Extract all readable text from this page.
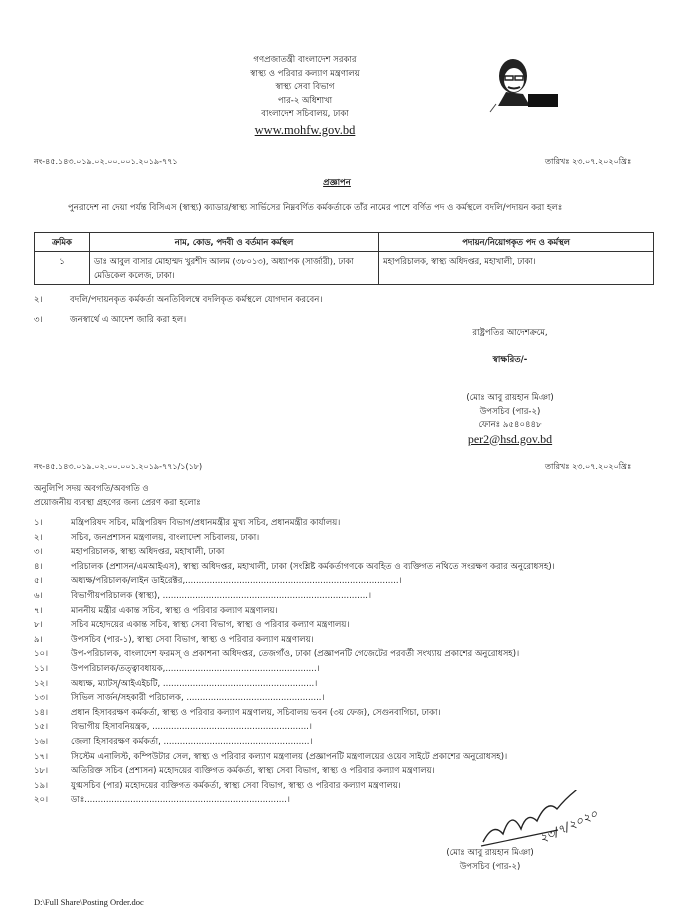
গণপ্রজাতন্ত্রী বাংলাদেশ সরকার
স্বাস্থ্য ও পরিবার কল্যাণ মন্ত্রণালয়
স্বাস্থ্য সেবা বিভাগ
পার-২ অধিশাখা
বাংলাদেশ সচিবালয়, ঢাকা
www.mohfw.gov.bd
নং-৪৫.১৪৩.০১৯.০২.০০.০০১.২০১৯-৭৭১	তারিখঃ ২৩.০৭.২০২০খ্রিঃ
প্রজ্ঞাপন
পুনরাদেশ না দেয়া পর্যন্ত বিসিএস (স্বাস্থ্য) ক্যাডার/স্বাস্থ্য সার্ভিসের নিম্নবর্ণিত কর্মকর্তাকে তাঁর নামের পাশে বর্ণিত পদ ও কর্মস্থলে বদলি/পদায়ন করা হলঃ
ক্রমিক	নাম, কোড, পদবী ও বর্তমান কর্মস্থল	পদায়ন/নিয়োগকৃত পদ ও কর্মস্থল
১	ডাঃ আবুল বাসার মোহাম্মদ খুরশীদ আলম (৩৮০১৩), অধ্যাপক (সার্জারী), ঢাকা মেডিকেল কলেজ, ঢাকা।	মহাপরিচালক, স্বাস্থ্য অধিদপ্তর, মহাখালী, ঢাকা।
২।	বদলি/পদায়নকৃত কর্মকর্তা অনতিবিলম্বে বদলিকৃত কর্মস্থলে যোগদান করবেন।
৩।	জনস্বার্থে এ আদেশ জারি করা হল।
রাষ্ট্রপতির আদেশক্রমে,
স্বাক্ষরিত/-
(মোঃ আবু রায়হান মিঞা)
উপসচিব (পার-২)
ফোনঃ ৯৫৪০৪৪৮
per2@hsd.gov.bd
নং-৪৫.১৪৩.০১৯.০২.০০.০০১.২০১৯-৭৭১/১(১৮)	তারিখঃ ২৩.০৭.২০২০খ্রিঃ
অনুলিপি সদয় অবগতি/অবগতি ও
প্রয়োজনীয় ব্যবস্থা গ্রহণের জন্য প্রেরণ করা হলোঃ
১।	মন্ত্রিপরিষদ সচিব, মন্ত্রিপরিষদ বিভাগ/প্রধানমন্ত্রীর মুখ্য সচিব, প্রধানমন্ত্রীর কার্যালয়।
২।	সচিব, জনপ্রশাসন মন্ত্রণালয়, বাংলাদেশ সচিবালয়, ঢাকা।
৩।	মহাপরিচালক, স্বাস্থ্য অধিদপ্তর, মহাখালী, ঢাকা
৪।	পরিচালক (প্রশাসন/এমআইএস), স্বাস্থ্য অধিদপ্তর, মহাখালী, ঢাকা (সংশ্লিষ্ট কর্মকর্তাগণকে অবহিত ও ব্যক্তিগত নথিতে সংরক্ষণ করার অনুরোধসহ)।
৫।	অধ্যক্ষ/পরিচালক/লাইন ডাইরেক্টর,...............................................................................।
৬।	বিভাগীয়পরিচালক (স্বাস্থ্য), ............................................................................।
৭।	মাননীয় মন্ত্রীর একান্ত সচিব, স্বাস্থ্য ও পরিবার কল্যাণ মন্ত্রণালয়।
৮।	সচিব মহোদয়ের একান্ত সচিব, স্বাস্থ্য সেবা বিভাগ, স্বাস্থ্য ও পরিবার কল্যাণ মন্ত্রণালয়।
৯।	উপসচিব (পার-১), স্বাস্থ্য সেবা বিভাগ, স্বাস্থ্য ও পরিবার কল্যাণ মন্ত্রণালয়।
১০।	উপ-পরিচালক, বাংলাদেশ ফরমস্ ও প্রকাশনা অধিদপ্তর, তেজগাঁও, ঢাকা (প্রজ্ঞাপনটি গেজেটের পরবর্তী সংখ্যায় প্রকাশের অনুরোধসহ)।
১১।	উপপরিচালক/তত্ত্বাবধায়ক,........................................................।
১২।	অধ্যক্ষ, ম্যাটস্/আইএইচটি, ........................................................।
১৩।	সিভিল সার্জন/সহকারী পরিচালক, ..................................................।
১৪।	প্রধান হিসাবরক্ষণ কর্মকর্তা, স্বাস্থ্য ও পরিবার কল্যাণ মন্ত্রণালয়, সচিবালয় ভবন (৩য় ফেজ), সেগুনবাগিচা, ঢাকা।
১৫।	বিভাগীয় হিসাবনিয়ন্ত্রক, ..........................................................।
১৬।	জেলা হিসাবরক্ষণ কর্মকর্তা, ......................................................।
১৭।	সিস্টেম এনালিস্ট, কম্পিউটার সেল, স্বাস্থ্য ও পরিবার কল্যাণ মন্ত্রণালয় (প্রজ্ঞাপনটি মন্ত্রণালয়ের ওয়েব সাইটে প্রকাশের অনুরোধসহ)।
১৮।	অতিরিক্ত সচিব (প্রশাসন) মহোদয়ের ব্যক্তিগত কর্মকর্তা, স্বাস্থ্য সেবা বিভাগ, স্বাস্থ্য ও পরিবার কল্যাণ মন্ত্রণালয়।
১৯।	যুগ্মসচিব (পার) মহোদয়ের ব্যক্তিগত কর্মকর্তা, স্বাস্থ্য সেবা বিভাগ, স্বাস্থ্য ও পরিবার কল্যাণ মন্ত্রণালয়।
২০।	ডাঃ...........................................................................।
২৩/৭/২০২০
(মোঃ আবু রায়হান মিঞা)
উপসচিব (পার-২)
D:\Full Share\Posting Order.doc
